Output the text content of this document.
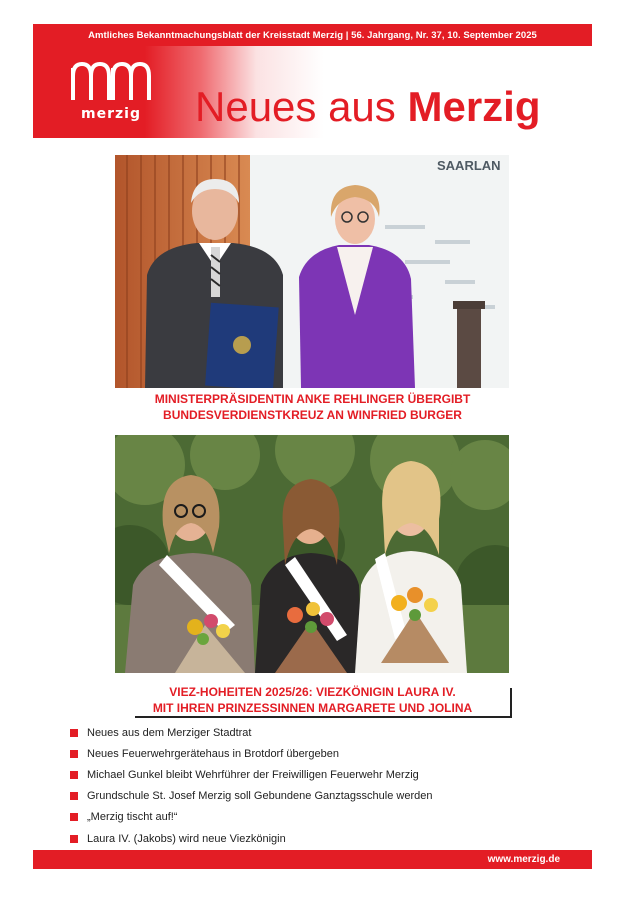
Amtliches Bekanntmachungsblatt der Kreisstadt Merzig | 56. Jahrgang, Nr. 37, 10. September 2025
merzig Neues aus Merzig
SAARLAN
MINISTERPRÄSIDENTIN ANKE REHLINGER ÜBERGIBT
BUNDESVERDIENSTKREUZ AN WINFRIED BURGER
VIEZ-HOHEITEN 2025/26: VIEZKÖNIGIN LAURA IV.
MIT IHREN PRINZESSINNEN MARGARETE UND JOLINA
Neues aus dem Merziger Stadtrat
Neues Feuerwehrgerätehaus in Brotdorf übergeben
Michael Gunkel bleibt Wehrführer der Freiwilligen Feuerwehr Merzig
Grundschule St. Josef Merzig soll Gebundene Ganztagsschule werden
„Merzig tischt auf!“
Laura IV. (Jakobs) wird neue Viezkönigin
www.merzig.de
